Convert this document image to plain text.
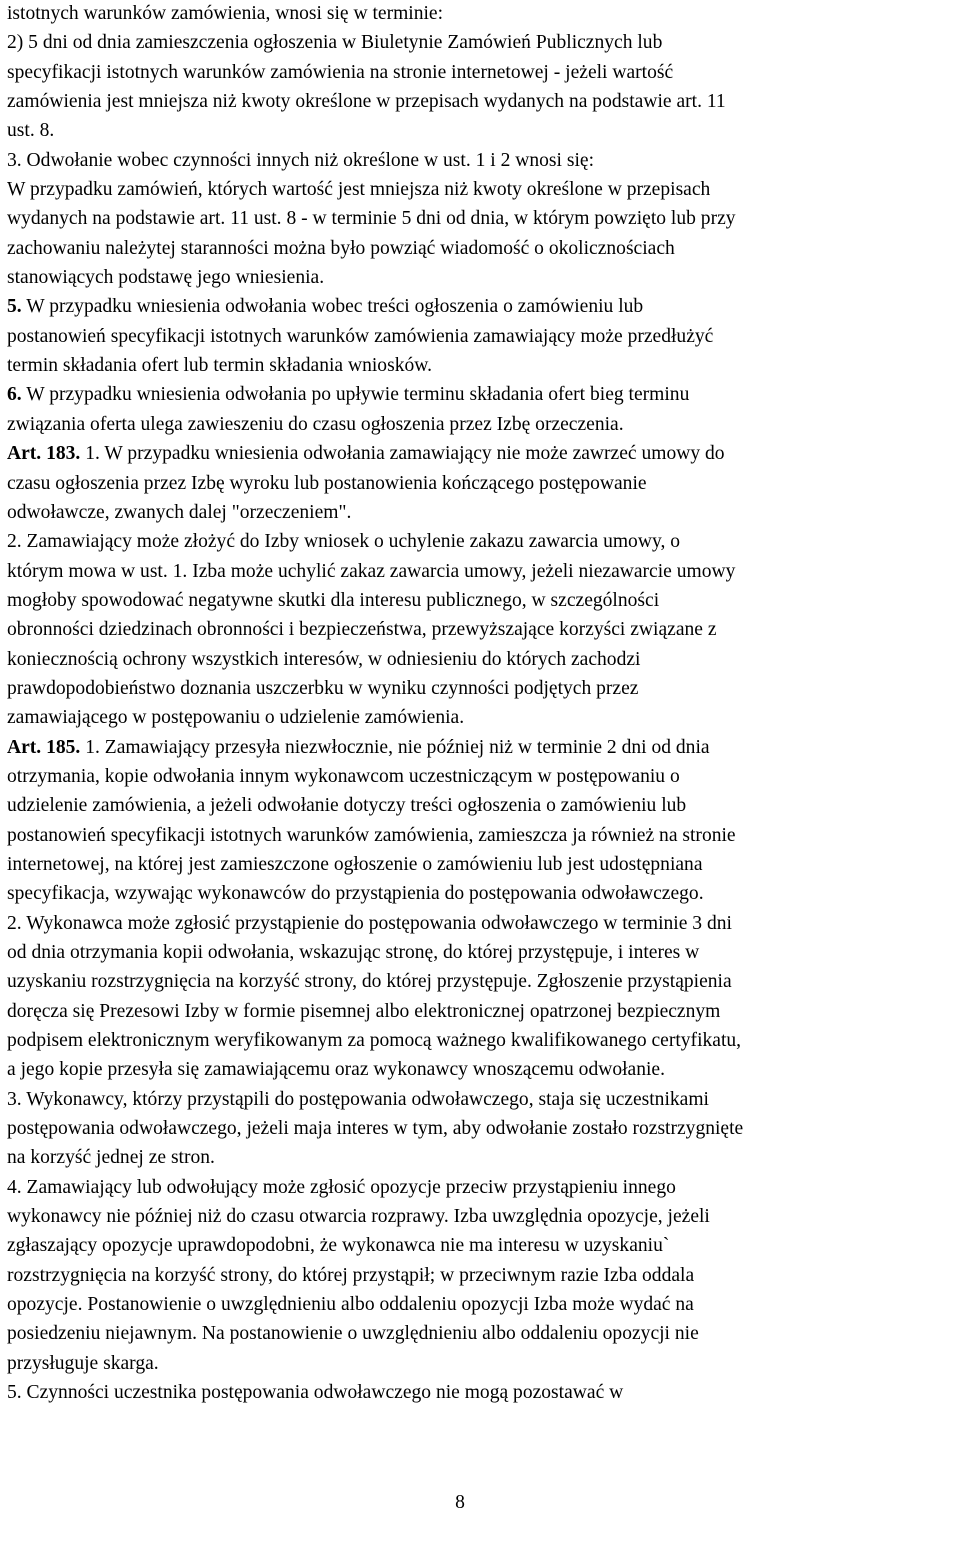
istotnych warunków zamówienia, wnosi się w terminie:
2) 5 dni od dnia zamieszczenia ogłoszenia w Biuletynie Zamówień Publicznych lub
specyfikacji istotnych warunków zamówienia na stronie internetowej - jeżeli wartość
zamówienia jest mniejsza niż kwoty określone w przepisach wydanych na podstawie art. 11
ust. 8.
3. Odwołanie wobec czynności innych niż określone w ust. 1 i 2 wnosi się:
W przypadku zamówień, których wartość jest mniejsza niż kwoty określone w przepisach
wydanych na podstawie art. 11 ust. 8 - w terminie 5 dni od dnia, w którym powzięto lub przy
zachowaniu należytej staranności można było powziąć wiadomość o okolicznościach
stanowiących podstawę jego wniesienia.
5. W przypadku wniesienia odwołania wobec treści ogłoszenia o zamówieniu lub
postanowień specyfikacji istotnych warunków zamówienia zamawiający może przedłużyć
termin składania ofert lub termin składania wniosków.
6. W przypadku wniesienia odwołania po upływie terminu składania ofert bieg terminu
związania oferta ulega zawieszeniu do czasu ogłoszenia przez Izbę orzeczenia.
Art. 183. 1. W przypadku wniesienia odwołania zamawiający nie może zawrzeć umowy do
czasu ogłoszenia przez Izbę wyroku lub postanowienia kończącego postępowanie
odwoławcze, zwanych dalej "orzeczeniem".
2. Zamawiający może złożyć do Izby wniosek o uchylenie zakazu zawarcia umowy, o
którym mowa w ust. 1. Izba może uchylić zakaz zawarcia umowy, jeżeli niezawarcie umowy
mogłoby spowodować negatywne skutki dla interesu publicznego, w szczególności
obronności dziedzinach obronności i bezpieczeństwa, przewyższające korzyści związane z
koniecznością ochrony wszystkich interesów, w odniesieniu do których zachodzi
prawdopodobieństwo doznania uszczerbku w wyniku czynności podjętych przez
zamawiającego w postępowaniu o udzielenie zamówienia.
Art. 185. 1. Zamawiający przesyła niezwłocznie, nie później niż w terminie 2 dni od dnia
otrzymania, kopie odwołania innym wykonawcom uczestniczącym w postępowaniu o
udzielenie zamówienia, a jeżeli odwołanie dotyczy treści ogłoszenia o zamówieniu lub
postanowień specyfikacji istotnych warunków zamówienia, zamieszcza ja również na stronie
internetowej, na której jest zamieszczone ogłoszenie o zamówieniu lub jest udostępniana
specyfikacja, wzywając wykonawców do przystąpienia do postępowania odwoławczego.
2. Wykonawca może zgłosić przystąpienie do postępowania odwoławczego w terminie 3 dni
od dnia otrzymania kopii odwołania, wskazując stronę, do której przystępuje, i interes w
uzyskaniu rozstrzygnięcia na korzyść strony, do której przystępuje. Zgłoszenie przystąpienia
doręcza się Prezesowi Izby w formie pisemnej albo elektronicznej opatrzonej bezpiecznym
podpisem elektronicznym weryfikowanym za pomocą ważnego kwalifikowanego certyfikatu,
a jego kopie przesyła się zamawiającemu oraz wykonawcy wnoszącemu odwołanie.
3. Wykonawcy, którzy przystąpili do postępowania odwoławczego, staja się uczestnikami
postępowania odwoławczego, jeżeli maja interes w tym, aby odwołanie zostało rozstrzygnięte
na korzyść jednej ze stron.
4. Zamawiający lub odwołujący może zgłosić opozycje przeciw przystąpieniu innego
wykonawcy nie później niż do czasu otwarcia rozprawy. Izba uwzględnia opozycje, jeżeli
zgłaszający opozycje uprawdopodobni, że wykonawca nie ma interesu w uzyskaniu`
rozstrzygnięcia na korzyść strony, do której przystąpił; w przeciwnym razie Izba oddala
opozycje. Postanowienie o uwzględnieniu albo oddaleniu opozycji Izba może wydać na
posiedzeniu niejawnym. Na postanowienie o uwzględnieniu albo oddaleniu opozycji nie
przysługuje skarga.
5. Czynności uczestnika postępowania odwoławczego nie mogą pozostawać w
8
